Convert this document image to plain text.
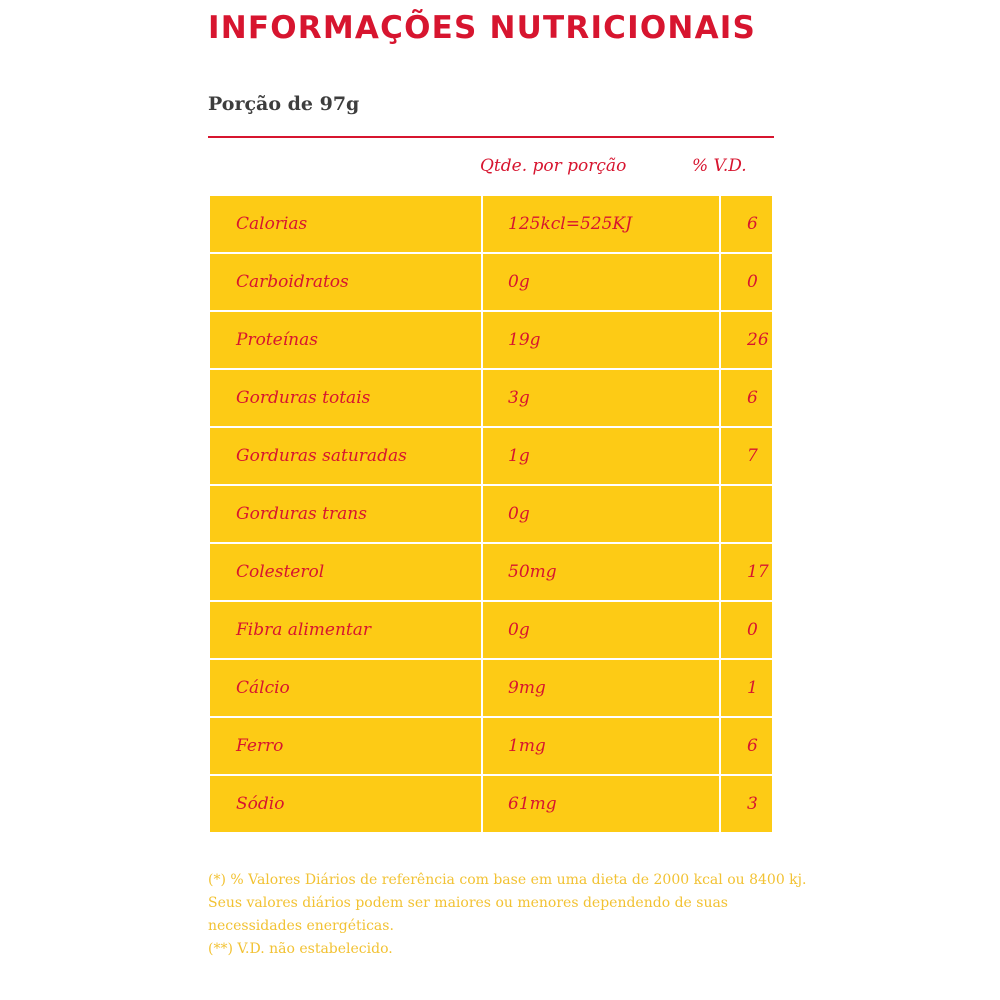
INFORMAÇÕES NUTRICIONAIS
Porção de 97g
Qtde. por porção	% V.D.
Calorias	125kcl=525KJ	6
Carboidratos	0g	0
Proteínas	19g	26
Gorduras totais	3g	6
Gorduras saturadas	1g	7
Gorduras trans	0g	
Colesterol	50mg	17
Fibra alimentar	0g	0
Cálcio	9mg	1
Ferro	1mg	6
Sódio	61mg	3

(*) % Valores Diários de referência com base em uma dieta de 2000 kcal ou 8400 kj. Seus valores diários podem ser maiores ou menores dependendo de suas necessidades energéticas.

(**) V.D. não estabelecido.
